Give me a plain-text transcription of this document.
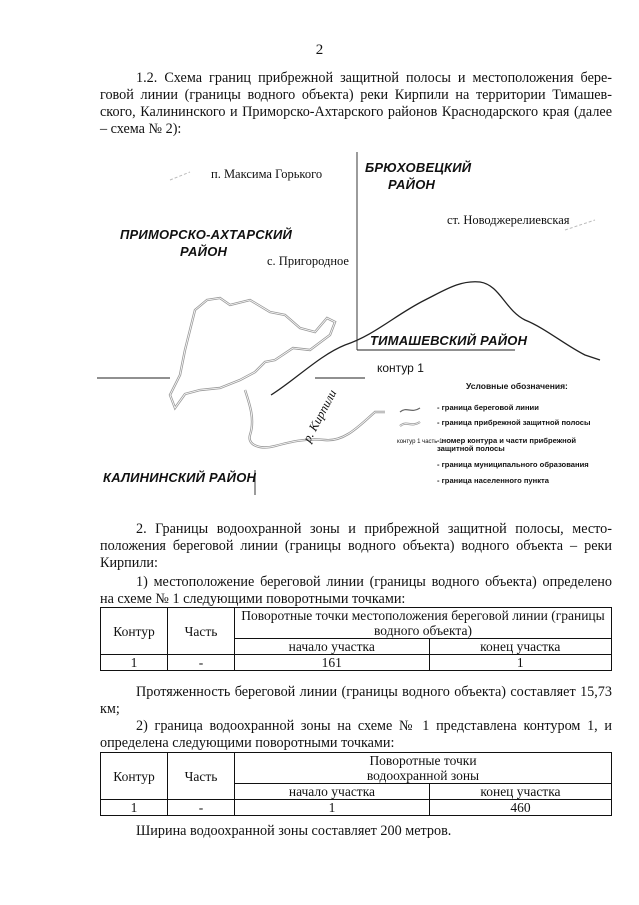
2
1.2. Схема границ прибрежной защитной полосы и местоположения бере-
говой линии (границы водного объекта) реки Кирпили на территории Тимашевского, Калининского и Приморско-Ахтарского районов Краснодарского края (далее – схема № 2):
БРЮХОВЕЦКИЙ
РАЙОН
п. Максима Горького
ст. Новоджерелиевская
ПРИМОРСКО-АХТАРСКИЙ
РАЙОН
с. Пригородное
ТИМАШЕВСКИЙ РАЙОН
контур 1
р. Кирпили
КАЛИНИНСКИЙ РАЙОН
Условные обозначения:
- граница береговой линии
- граница прибрежной защитной полосы
контур 1 часть 1
- номер контура и части прибрежной защитной полосы
- граница муниципального образования
- граница населенного пункта
2. Границы водоохранной зоны и прибрежной защитной полосы, местоположения береговой линии (границы водного объекта) водного объекта – реки Кирпили:
1) местоположение береговой линии (границы водного объекта) определено на схеме № 1 следующими поворотными точками:
Контур	Часть	Поворотные точки местоположения береговой линии (границы водного объекта)	
		начало участка	конец участка
1	-	161	1
Протяженность береговой линии (границы водного объекта) составляет 15,73 км;
2) граница водоохранной зоны на схеме № 1 представлена контуром 1, и определена следующими поворотными точками:
Контур	Часть	Поворотные точки
водоохранной зоны	

		начало участка	конец участка
1	-	1	460
Ширина водоохранной зоны составляет 200 метров.
